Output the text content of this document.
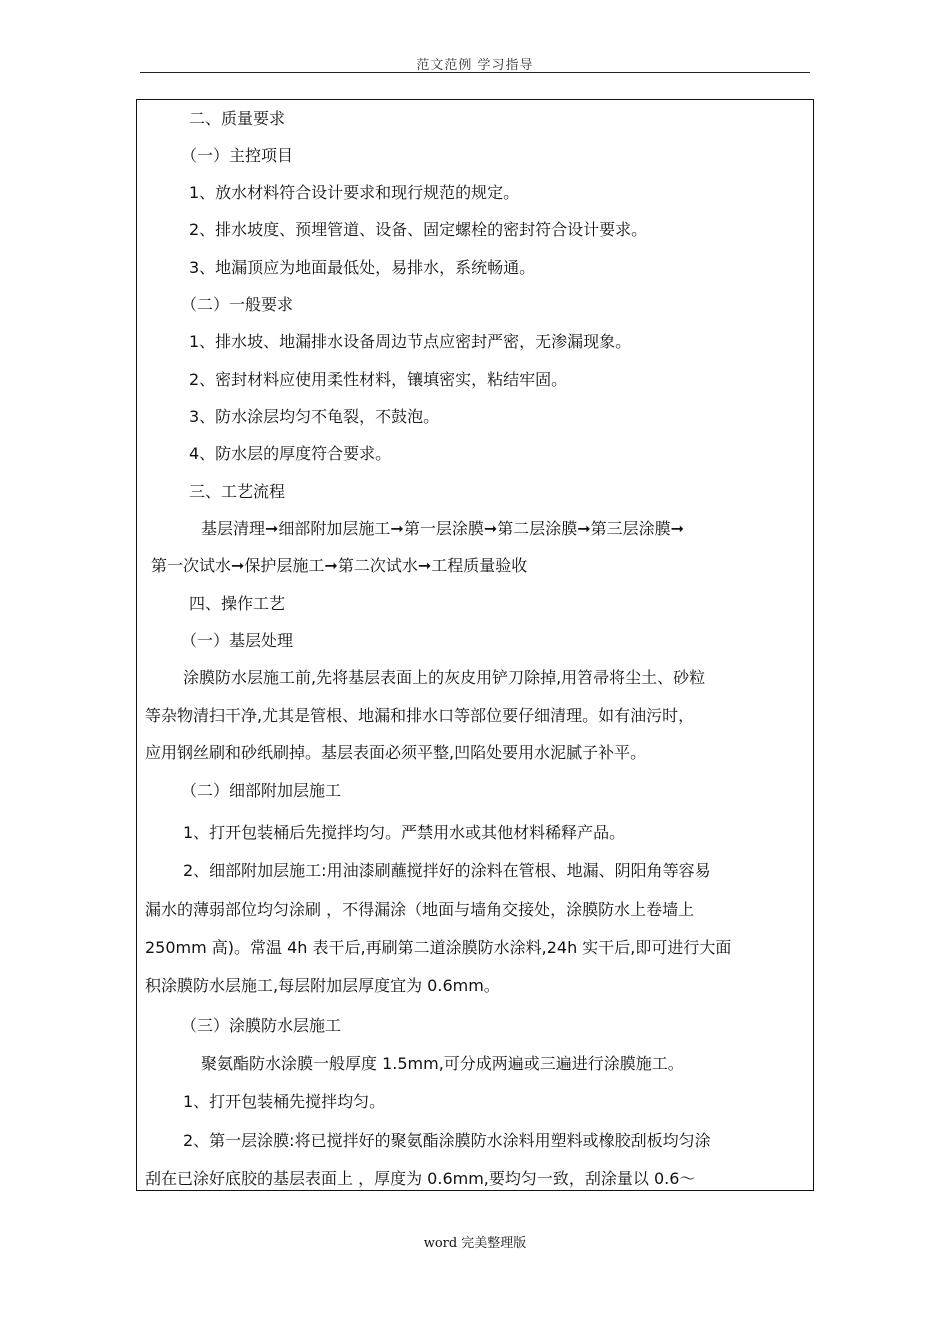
范文范例 学习指导
二、质量要求
（一）主控项目
1、放水材料符合设计要求和现行规范的规定。
2、排水坡度、预埋管道、设备、固定螺栓的密封符合设计要求。
3、地漏顶应为地面最低处，易排水，系统畅通。
（二）一般要求
1、排水坡、地漏排水设备周边节点应密封严密，无渗漏现象。
2、密封材料应使用柔性材料，镶填密实，粘结牢固。
3、防水涂层均匀不龟裂，不鼓泡。
4、防水层的厚度符合要求。
三、工艺流程
基层清理➞细部附加层施工➞第一层涂膜➞第二层涂膜➞第三层涂膜➞
第一次试水➞保护层施工➞第二次试水➞工程质量验收
四、操作工艺
（一）基层处理
涂膜防水层施工前,先将基层表面上的灰皮用铲刀除掉,用笤帚将尘土、砂粒
等杂物清扫干净,尤其是管根、地漏和排水口等部位要仔细清理。如有油污时，
应用钢丝刷和砂纸刷掉。基层表面必须平整,凹陷处要用水泥腻子补平。
（二）细部附加层施工
1、打开包装桶后先搅拌均匀。严禁用水或其他材料稀释产品。
2、细部附加层施工:用油漆刷蘸搅拌好的涂料在管根、地漏、阴阳角等容易
漏水的薄弱部位均匀涂刷 ，不得漏涂（地面与墙角交接处，涂膜防水上卷墙上
250mm 高)。常温 4h 表干后,再刷第二道涂膜防水涂料,24h 实干后,即可进行大面
积涂膜防水层施工,每层附加层厚度宜为 0.6mm。
（三）涂膜防水层施工
聚氨酯防水涂膜一般厚度 1.5mm,可分成两遍或三遍进行涂膜施工。
1、打开包装桶先搅拌均匀。
2、第一层涂膜:将已搅拌好的聚氨酯涂膜防水涂料用塑料或橡胶刮板均匀涂
刮在已涂好底胶的基层表面上 ，厚度为 0.6mm,要均匀一致，刮涂量以 0.6～
word 完美整理版
